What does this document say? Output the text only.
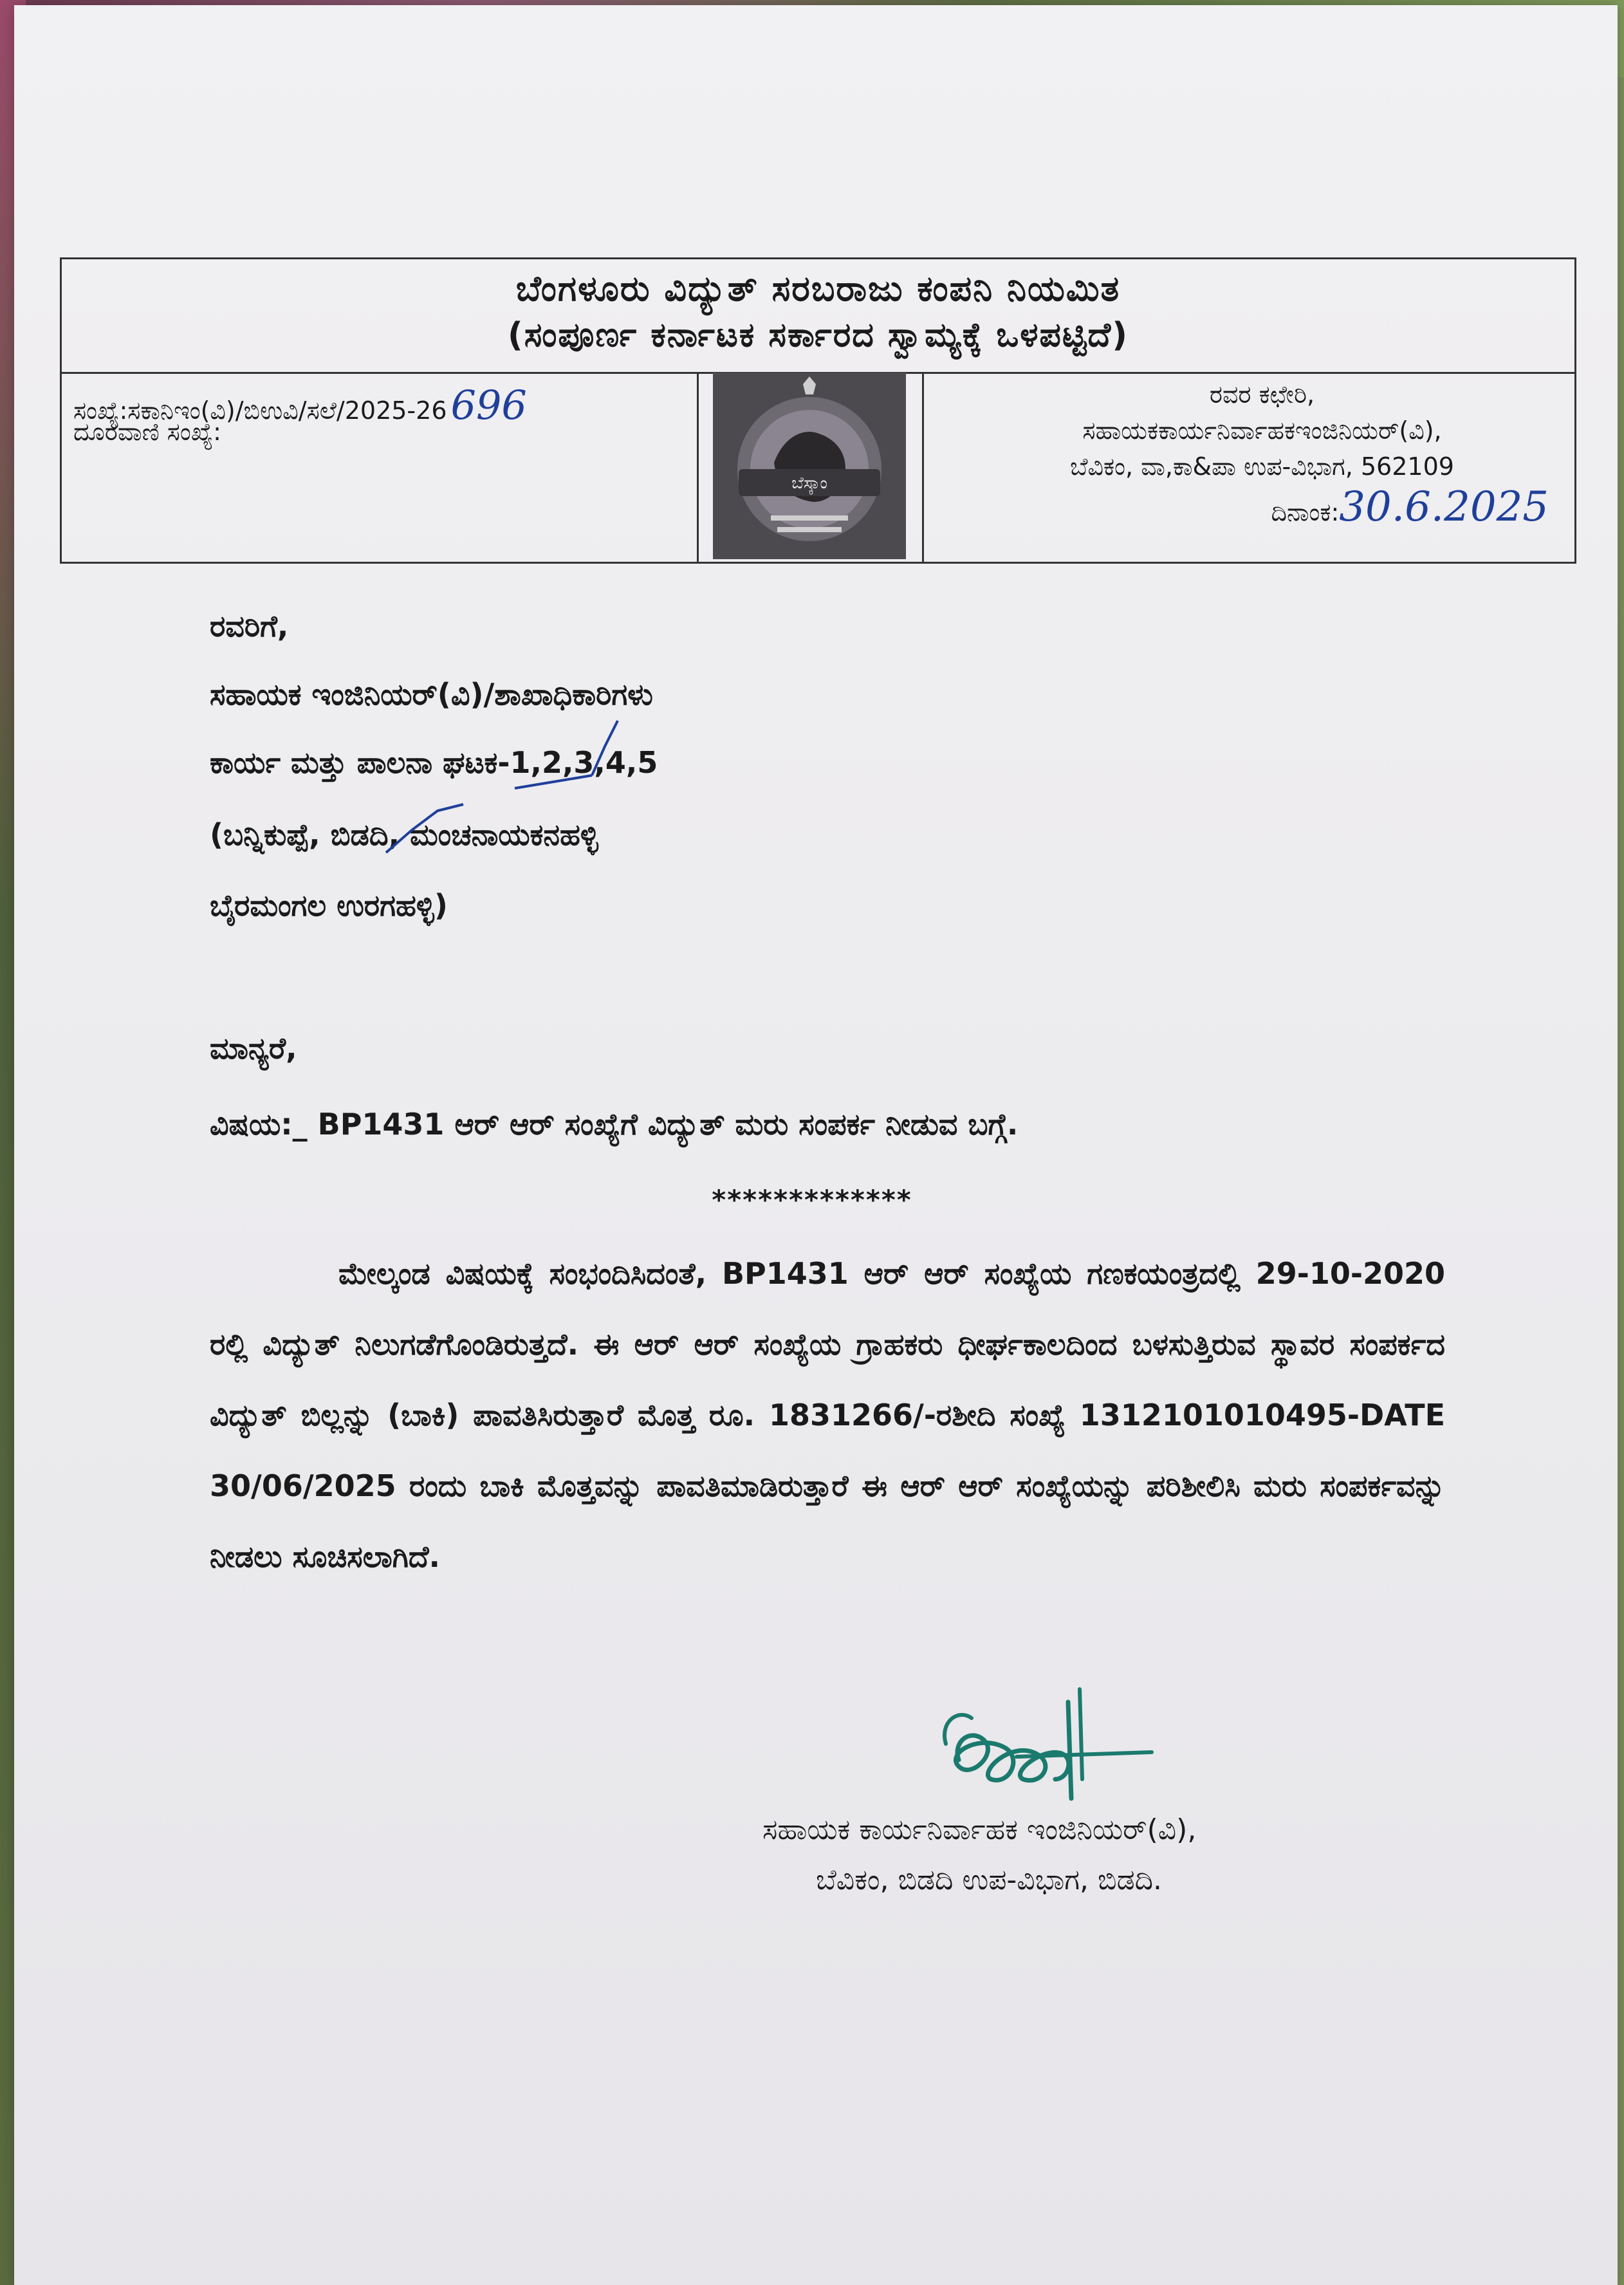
ಬೆಂಗಳೂರು ವಿದ್ಯುತ್ ಸರಬರಾಜು ಕಂಪನಿ ನಿಯಮಿತ
(ಸಂಪೂರ್ಣ ಕರ್ನಾಟಕ ಸರ್ಕಾರದ ಸ್ವಾಮ್ಯಕ್ಕೆ ಒಳಪಟ್ಟಿದೆ)
ಸಂಖ್ಯೆ:ಸಕಾನಿಇಂ(ವಿ)/ಬಿಉವಿ/ಸಲೆ/2025-26696
ದೂರವಾಣಿ ಸಂಖ್ಯೆ:
ಬೆಸ್ಕಾಂ
ರವರ ಕಛೇರಿ,
ಸಹಾಯಕಕಾರ್ಯನಿರ್ವಾಹಕಇಂಜಿನಿಯರ್(ವಿ),
ಬೆವಿಕಂ, ವಾ,ಕಾ&ಪಾ ಉಪ-ವಿಭಾಗ, 562109
ದಿನಾಂಕ:30.6.2025
ರವರಿಗೆ,
ಸಹಾಯಕ ಇಂಜಿನಿಯರ್(ವಿ)/ಶಾಖಾಧಿಕಾರಿಗಳು
ಕಾರ್ಯ ಮತ್ತು ಪಾಲನಾ ಘಟಕ-1,2,3,4,5
(ಬನ್ನಿಕುಪ್ಪೆ, ಬಿಡದಿ, ಮಂಚನಾಯಕನಹಳ್ಳಿ
ಬೈರಮಂಗಲ ಉರಗಹಳ್ಳಿ)
ಮಾನ್ಯರೆ,
ವಿಷಯ:_ BP1431 ಆರ್ ಆರ್ ಸಂಖ್ಯೆಗೆ ವಿದ್ಯುತ್ ಮರು ಸಂಪರ್ಕ ನೀಡುವ ಬಗ್ಗೆ.
*************
ಮೇಲ್ಕಂಡ ವಿಷಯಕ್ಕೆ ಸಂಭಂದಿಸಿದಂತೆ, BP1431 ಆರ್ ಆರ್ ಸಂಖ್ಯೆಯ ಗಣಕಯಂತ್ರದಲ್ಲಿ 29-10-2020 ರಲ್ಲಿ ವಿದ್ಯುತ್ ನಿಲುಗಡೆಗೊಂಡಿರುತ್ತದೆ. ಈ ಆರ್ ಆರ್ ಸಂಖ್ಯೆಯ ಗ್ರಾಹಕರು ಧೀರ್ಘಕಾಲದಿಂದ ಬಳಸುತ್ತಿರುವ ಸ್ಥಾವರ ಸಂಪರ್ಕದ ವಿದ್ಯುತ್ ಬಿಲ್ಲನ್ನು (ಬಾಕಿ) ಪಾವತಿಸಿರುತ್ತಾರೆ ಮೊತ್ತ ರೂ. 1831266/-ರಶೀದಿ ಸಂಖ್ಯೆ 1312101010495-DATE 30/06/2025 ರಂದು ಬಾಕಿ ಮೊತ್ತವನ್ನು ಪಾವತಿಮಾಡಿರುತ್ತಾರೆ ಈ ಆರ್ ಆರ್ ಸಂಖ್ಯೆಯನ್ನು ಪರಿಶೀಲಿಸಿ ಮರು ಸಂಪರ್ಕವನ್ನು ನೀಡಲು ಸೂಚಿಸಲಾಗಿದೆ.
ಸಹಾಯಕ ಕಾರ್ಯನಿರ್ವಾಹಕ ಇಂಜಿನಿಯರ್(ವಿ),
ಬೆವಿಕಂ, ಬಿಡದಿ ಉಪ-ವಿಭಾಗ, ಬಿಡದಿ.
